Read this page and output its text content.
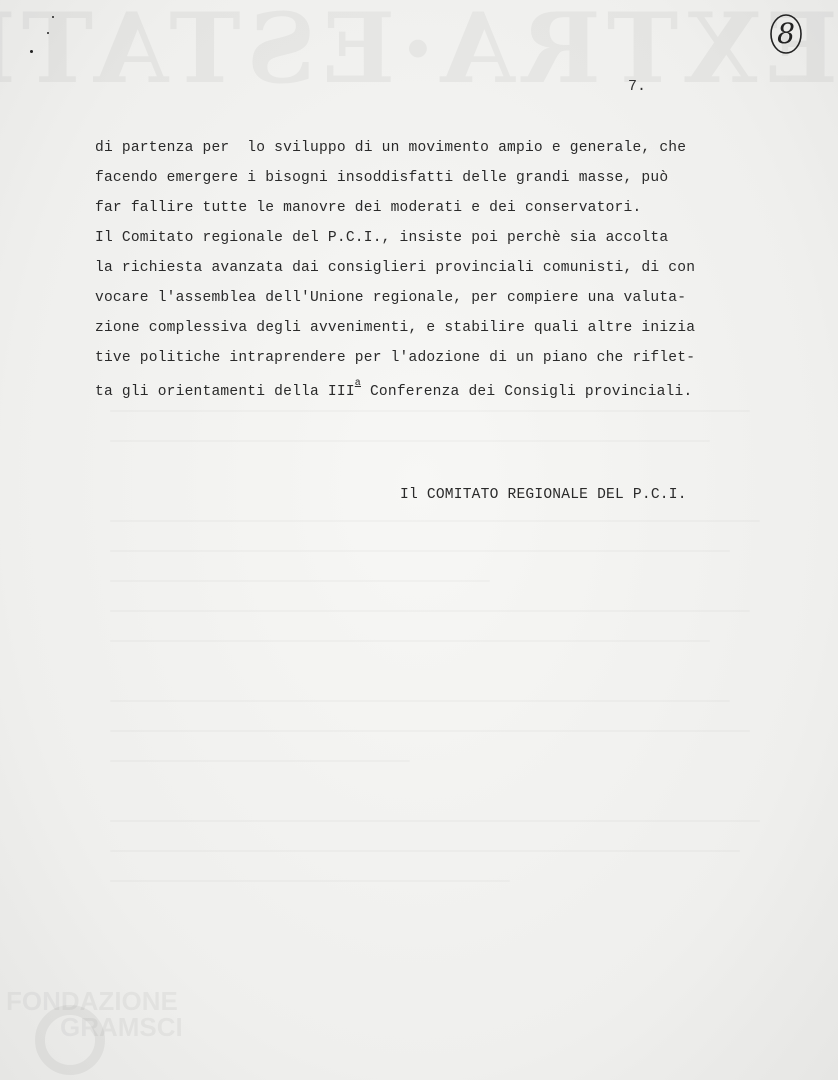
8
7.
di partenza per  lo sviluppo di un movimento ampio e generale, che
facendo emergere i bisogni insoddisfatti delle grandi masse, può
far fallire tutte le manovre dei moderati e dei conservatori.
Il Comitato regionale del P.C.I., insiste poi perchè sia accolta
la richiesta avanzata dai consiglieri provinciali comunisti, di con
vocare l'assemblea dell'Unione regionale, per compiere una valuta-
zione complessiva degli avvenimenti, e stabilire quali altre inizia
tive politiche intraprendere per l'adozione di un piano che riflet-
ta gli orientamenti della III$^a$ Conferenza dei Consigli provinciali.
Il COMITATO REGIONALE DEL P.C.I.
FONDAZIONE
GRAMSCI
